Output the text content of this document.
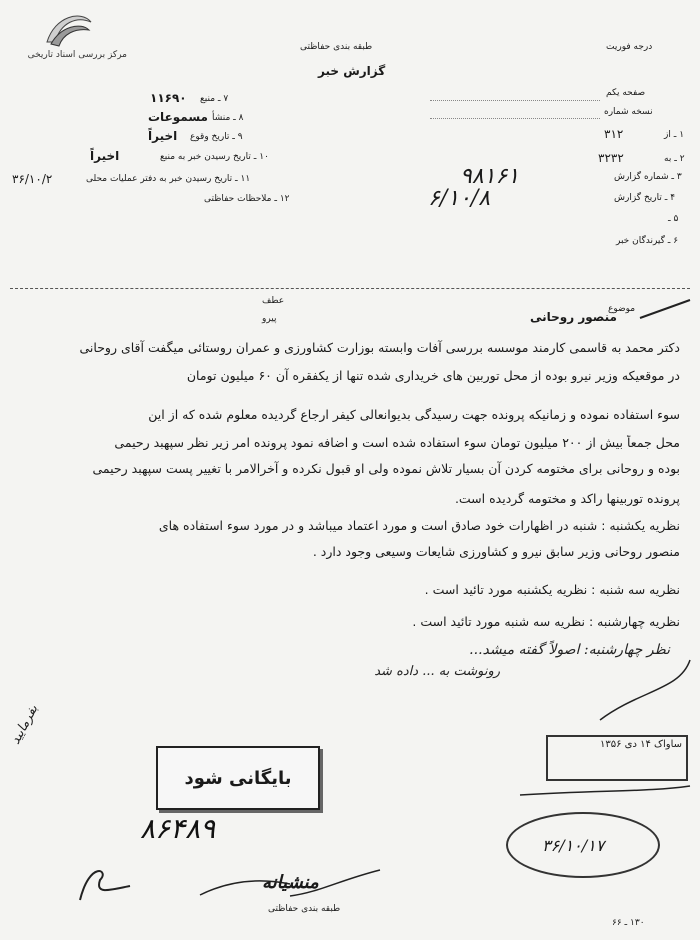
مرکز بررسی اسناد تاریخی
طبقه بندی حفاظتی
گزارش خبر
درجه فوریت
۷ ـ منبع
۱۱۶۹۰
۸ ـ منشأ
مسموعات
۹ ـ تاریخ وقوع
اخیراً
۱۰ ـ تاریخ رسیدن خبر به منبع
اخیراً
۱۱ ـ تاریخ رسیدن خبر به دفتر عملیات محلی
۳۶/۱۰/۲
۱۲ ـ ملاحظات حفاظتی
صفحه یکم
نسخه شماره
۱ ـ از
۳۱۲
۲ ـ به
۳۲۳۲
۳ ـ شماره گزارش
۹۸۱۶۱
۴ ـ تاریخ گزارش
۶/۱۰/۸
۵ ـ
۶ ـ گیرندگان خبر
عطف
پیرو
موضوع
منصور روحانی
دکتر محمد به قاسمی کارمند موسسه بررسی آفات وابسته بوزارت کشاورزی و عمران روستائی میگفت آقای روحانی
در موقعیکه وزیر نیرو بوده از محل توربین های خریداری شده تنها از یکفقره آن ۶۰ میلیون تومان
سوء استفاده نموده و زمانیکه پرونده جهت رسیدگی بدیوانعالی کیفر ارجاع گردیده معلوم شده که از این
محل جمعاً بیش از ۲۰۰ میلیون تومان سوء استفاده شده است و اضافه نمود پرونده امر زیر نظر سپهبد رحیمی
بوده و روحانی برای مختومه کردن آن بسیار تلاش نموده ولی او قبول نکرده و آخرالامر با تغییر پست سپهبد رحیمی
پرونده توربینها راکد و مختومه گردیده است.
نظریه یکشنبه : شنبه در اظهارات خود صادق است و مورد اعتماد میباشد و در مورد سوء استفاده های
منصور روحانی وزیر سابق نیرو و کشاورزی شایعات وسیعی وجود دارد .
نظریه سه شنبه : نظریه یکشنبه مورد تائید است .
نظریه چهارشنبه : نظریه سه شنبه مورد تائید است .
نظر چهارشنبه: اصولاً گفته میشد...
رونوشت به ... داده شد
۸۶۴۸۹
بفرمایید
بایگانی شود
ساواک ۱۴ دی ۱۳۵۶
۳۶/۱۰/۱۷
طبقه بندی حفاظتی
منشیانه
۱۳۰ ـ ۶۶
